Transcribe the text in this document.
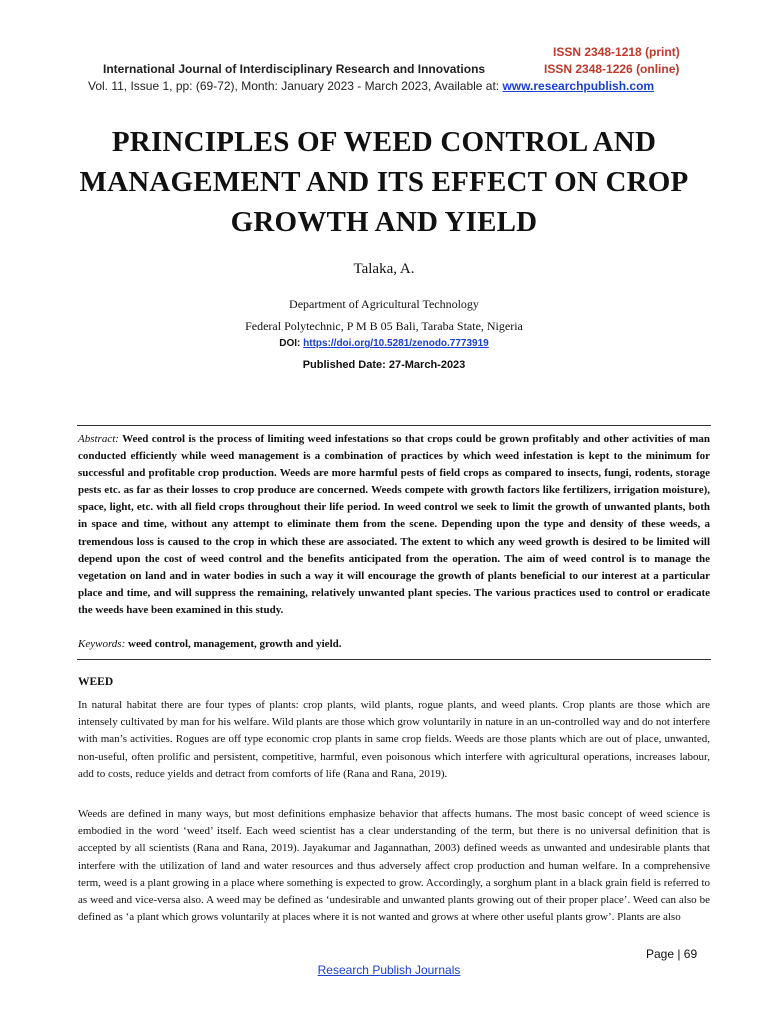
ISSN 2348-1218 (print)
International Journal of Interdisciplinary Research and Innovations	ISSN 2348-1226 (online)
Vol. 11, Issue 1, pp: (69-72), Month: January 2023 - March 2023, Available at: www.researchpublish.com
PRINCIPLES OF WEED CONTROL AND MANAGEMENT AND ITS EFFECT ON CROP GROWTH AND YIELD
Talaka, A.
Department of Agricultural Technology
Federal Polytechnic, P M B 05 Bali, Taraba State, Nigeria
DOI: https://doi.org/10.5281/zenodo.7773919
Published Date: 27-March-2023

Abstract: Weed control is the process of limiting weed infestations so that crops could be grown profitably and other activities of man conducted efficiently while weed management is a combination of practices by which weed infestation is kept to the minimum for successful and profitable crop production. Weeds are more harmful pests of field crops as compared to insects, fungi, rodents, storage pests etc. as far as their losses to crop produce are concerned. Weeds compete with growth factors like fertilizers, irrigation moisture), space, light, etc. with all field crops throughout their life period. In weed control we seek to limit the growth of unwanted plants, both in space and time, without any attempt to eliminate them from the scene. Depending upon the type and density of these weeds, a tremendous loss is caused to the crop in which these are associated. The extent to which any weed growth is desired to be limited will depend upon the cost of weed control and the benefits anticipated from the operation. The aim of weed control is to manage the vegetation on land and in water bodies in such a way it will encourage the growth of plants beneficial to our interest at a particular place and time, and will suppress the remaining, relatively unwanted plant species. The various practices used to control or eradicate the weeds have been examined in this study.

Keywords: weed control, management, growth and yield.

WEED

In natural habitat there are four types of plants: crop plants, wild plants, rogue plants, and weed plants. Crop plants are those which are intensely cultivated by man for his welfare. Wild plants are those which grow voluntarily in nature in an un-controlled way and do not interfere with man’s activities. Rogues are off type economic crop plants in same crop fields. Weeds are those plants which are out of place, unwanted, non-useful, often prolific and persistent, competitive, harmful, even poisonous which interfere with agricultural operations, increases labour, add to costs, reduce yields and detract from comforts of life (Rana and Rana, 2019).

Weeds are defined in many ways, but most definitions emphasize behavior that affects humans. The most basic concept of weed science is embodied in the word ‘weed’ itself. Each weed scientist has a clear understanding of the term, but there is no universal definition that is accepted by all scientists (Rana and Rana, 2019). Jayakumar and Jagannathan, 2003) defined weeds as unwanted and undesirable plants that interfere with the utilization of land and water resources and thus adversely affect crop production and human welfare. In a comprehensive term, weed is a plant growing in a place where something is expected to grow. Accordingly, a sorghum plant in a black grain field is referred to as weed and vice-versa also. A weed may be defined as ‘undesirable and unwanted plants growing out of their proper place’. Weed can also be defined as ‘a plant which grows voluntarily at places where it is not wanted and grows at where other useful plants grow’. Plants are also

Page | 69
Research Publish Journals
